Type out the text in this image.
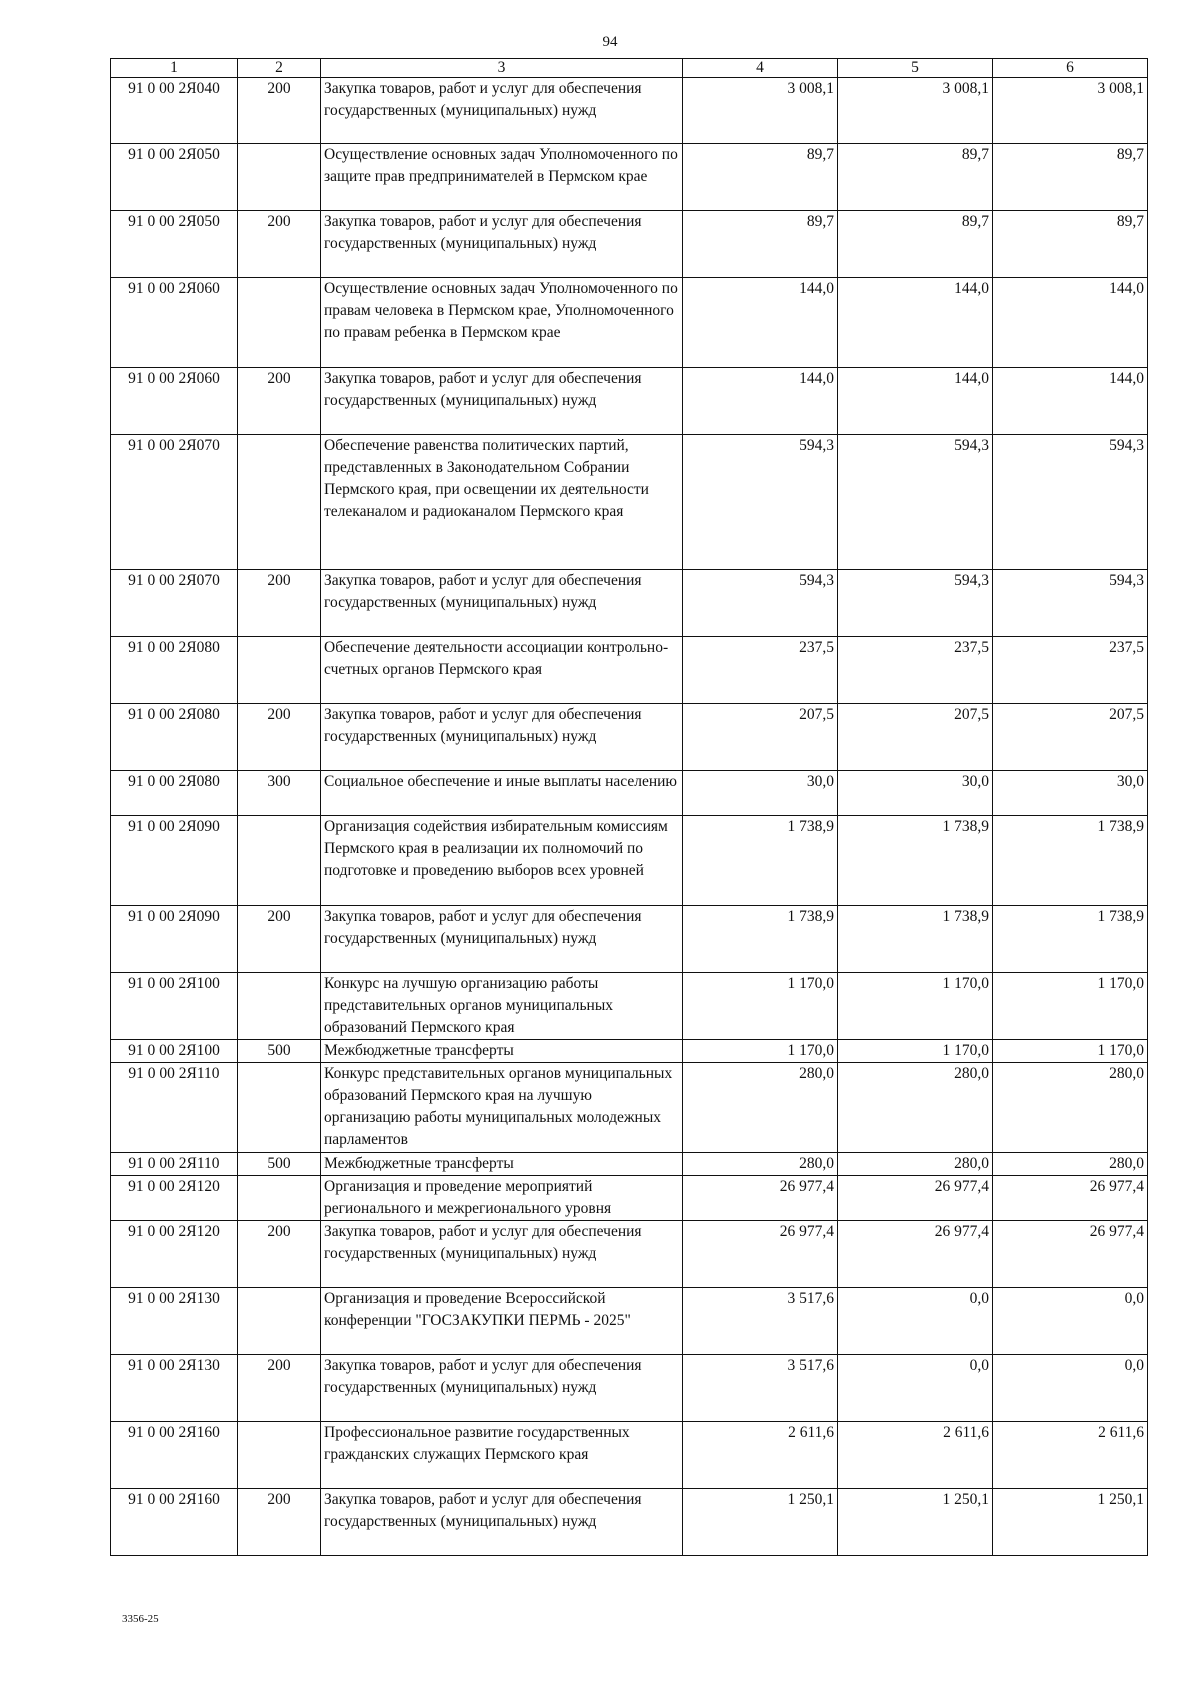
94
1	2	3	4	5	6
91 0 00 2Я040	200	Закупка товаров, работ и услуг для обеспечения государственных (муниципальных) нужд	3 008,1	3 008,1	3 008,1
91 0 00 2Я050		Осуществление основных задач Уполномоченного по защите прав предпринимателей в Пермском крае	89,7	89,7	89,7
91 0 00 2Я050	200	Закупка товаров, работ и услуг для обеспечения государственных (муниципальных) нужд	89,7	89,7	89,7
91 0 00 2Я060		Осуществление основных задач Уполномоченного по правам человека в Пермском крае, Уполномоченного по правам ребенка в Пермском крае	144,0	144,0	144,0
91 0 00 2Я060	200	Закупка товаров, работ и услуг для обеспечения государственных (муниципальных) нужд	144,0	144,0	144,0
91 0 00 2Я070		Обеспечение равенства политических партий, представленных в Законодательном Собрании Пермского края, при освещении их деятельности телеканалом и радиоканалом Пермского края	594,3	594,3	594,3
91 0 00 2Я070	200	Закупка товаров, работ и услуг для обеспечения государственных (муниципальных) нужд	594,3	594,3	594,3
91 0 00 2Я080		Обеспечение деятельности ассоциации контрольно-счетных органов Пермского края	237,5	237,5	237,5
91 0 00 2Я080	200	Закупка товаров, работ и услуг для обеспечения государственных (муниципальных) нужд	207,5	207,5	207,5
91 0 00 2Я080	300	Социальное обеспечение и иные выплаты населению	30,0	30,0	30,0
91 0 00 2Я090		Организация содействия избирательным комиссиям Пермского края в реализации их полномочий по подготовке и проведению выборов всех уровней	1 738,9	1 738,9	1 738,9
91 0 00 2Я090	200	Закупка товаров, работ и услуг для обеспечения государственных (муниципальных) нужд	1 738,9	1 738,9	1 738,9
91 0 00 2Я100		Конкурс на лучшую организацию работы представительных органов муниципальных образований Пермского края	1 170,0	1 170,0	1 170,0
91 0 00 2Я100	500	Межбюджетные трансферты	1 170,0	1 170,0	1 170,0
91 0 00 2Я110		Конкурс представительных органов муниципальных образований Пермского края на лучшую организацию работы муниципальных молодежных парламентов	280,0	280,0	280,0
91 0 00 2Я110	500	Межбюджетные трансферты	280,0	280,0	280,0
91 0 00 2Я120		Организация и проведение мероприятий регионального и межрегионального уровня	26 977,4	26 977,4	26 977,4
91 0 00 2Я120	200	Закупка товаров, работ и услуг для обеспечения государственных (муниципальных) нужд	26 977,4	26 977,4	26 977,4
91 0 00 2Я130		Организация и проведение Всероссийской конференции "ГОСЗАКУПКИ ПЕРМЬ - 2025"	3 517,6	0,0	0,0
91 0 00 2Я130	200	Закупка товаров, работ и услуг для обеспечения государственных (муниципальных) нужд	3 517,6	0,0	0,0
91 0 00 2Я160		Профессиональное развитие государственных гражданских служащих Пермского края	2 611,6	2 611,6	2 611,6
91 0 00 2Я160	200	Закупка товаров, работ и услуг для обеспечения государственных (муниципальных) нужд	1 250,1	1 250,1	1 250,1
3356-25
